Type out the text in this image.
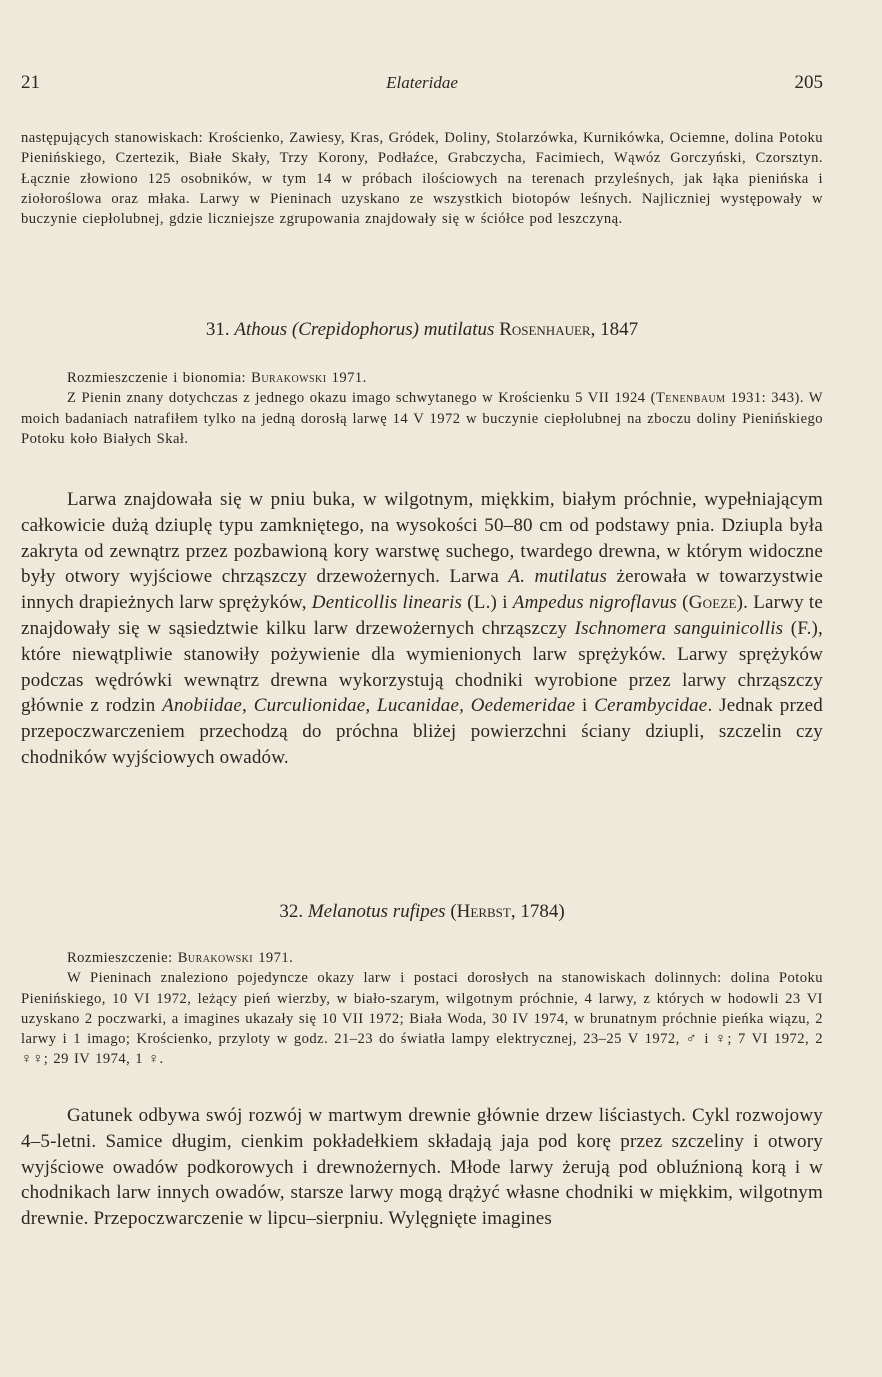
21	Elateridae	205

następujących stanowiskach: Krościenko, Zawiesy, Kras, Gródek, Doliny, Stolarzówka, Kurnikówka, Ociemne, dolina Potoku Pienińskiego, Czertezik, Białe Skały, Trzy Korony, Podłaźce, Grabczycha, Facimiech, Wąwóz Gorczyński, Czorsztyn. Łącznie złowiono 125 osobników, w tym 14 w próbach ilościowych na terenach przyleśnych, jak łąka pienińska i ziołoroślowa oraz młaka. Larwy w Pieninach uzyskano ze wszystkich biotopów leśnych. Najliczniej występowały w buczynie ciepłolubnej, gdzie liczniejsze zgrupowania znajdowały się w ściółce pod leszczyną.

31. Athous (Crepidophorus) mutilatus Rosenhauer, 1847

Rozmieszczenie i bionomia: Burakowski 1971.

Z Pienin znany dotychczas z jednego okazu imago schwytanego w Krościenku 5 VII 1924 (Tenenbaum 1931: 343). W moich badaniach natrafiłem tylko na jedną dorosłą larwę 14 V 1972 w buczynie ciepłolubnej na zboczu doliny Pienińskiego Potoku koło Białych Skał.

Larwa znajdowała się w pniu buka, w wilgotnym, miękkim, białym próchnie, wypełniającym całkowicie dużą dziuplę typu zamkniętego, na wysokości 50–80 cm od podstawy pnia. Dziupla była zakryta od zewnątrz przez pozbawioną kory warstwę suchego, twardego drewna, w którym widoczne były otwory wyjściowe chrząszczy drzewożernych. Larwa A. mutilatus żerowała w towarzystwie innych drapieżnych larw sprężyków, Denticollis linearis (L.) i Ampedus nigroflavus (Goeze). Larwy te znajdowały się w sąsiedztwie kilku larw drzewożernych chrząszczy Ischnomera sanguinicollis (F.), które niewątpliwie stanowiły pożywienie dla wymienionych larw sprężyków. Larwy sprężyków podczas wędrówki wewnątrz drewna wykorzystują chodniki wyrobione przez larwy chrząszczy głównie z rodzin Anobiidae, Curculionidae, Lucanidae, Oedemeridae i Cerambycidae. Jednak przed przepoczwarczeniem przechodzą do próchna bliżej powierzchni ściany dziupli, szczelin czy chodników wyjściowych owadów.

32. Melanotus rufipes (Herbst, 1784)

Rozmieszczenie: Burakowski 1971.

W Pieninach znaleziono pojedyncze okazy larw i postaci dorosłych na stanowiskach dolinnych: dolina Potoku Pienińskiego, 10 VI 1972, leżący pień wierzby, w biało-szarym, wilgotnym próchnie, 4 larwy, z których w hodowli 23 VI uzyskano 2 poczwarki, a imagines ukazały się 10 VII 1972; Biała Woda, 30 IV 1974, w brunatnym próchnie pieńka wiązu, 2 larwy i 1 imago; Krościenko, przyloty w godz. 21–23 do światła lampy elektrycznej, 23–25 V 1972, ♂ i ♀; 7 VI 1972, 2 ♀♀; 29 IV 1974, 1 ♀.

Gatunek odbywa swój rozwój w martwym drewnie głównie drzew liściastych. Cykl rozwojowy 4–5-letni. Samice długim, cienkim pokładełkiem składają jaja pod korę przez szczeliny i otwory wyjściowe owadów podkorowych i drewnożernych. Młode larwy żerują pod obluźnioną korą i w chodnikach larw innych owadów, starsze larwy mogą drążyć własne chodniki w miękkim, wilgotnym drewnie. Przepoczwarczenie w lipcu–sierpniu. Wylęgnięte imagines
